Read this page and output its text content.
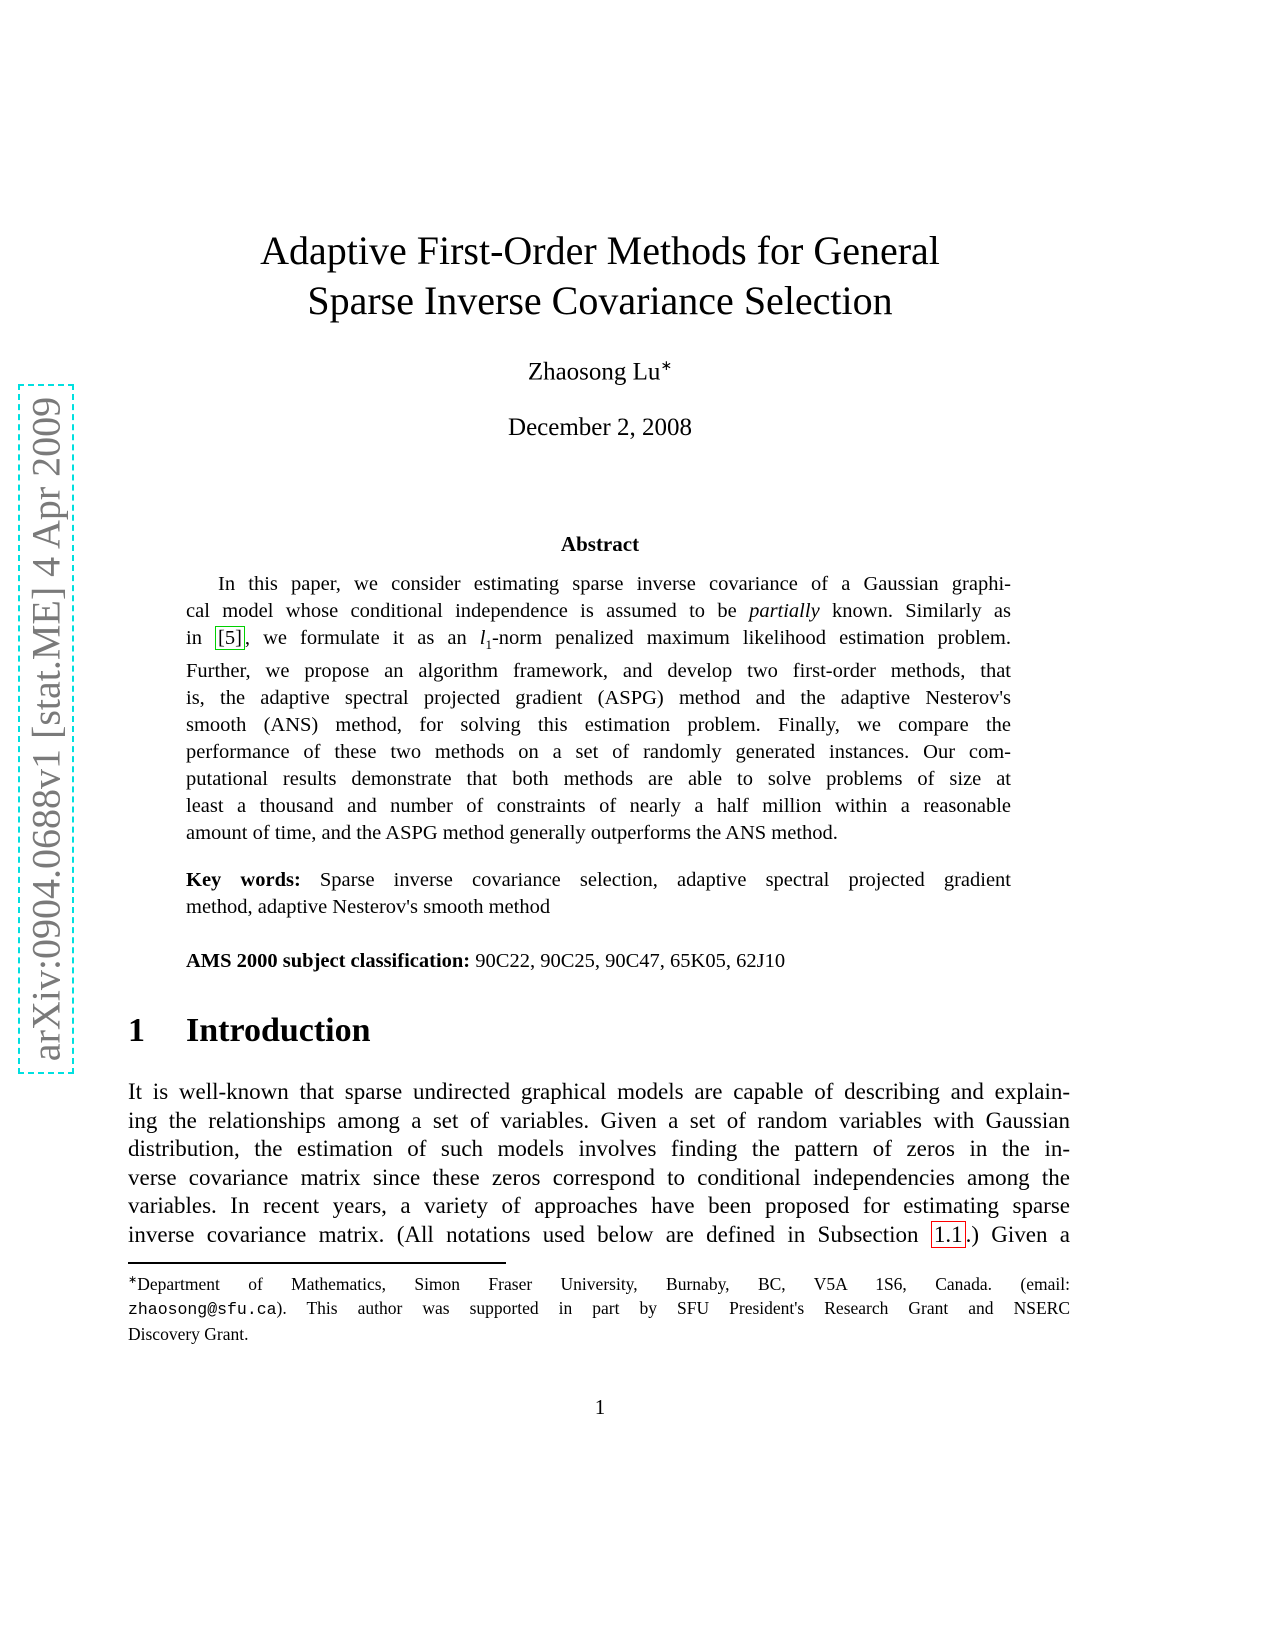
arXiv:0904.0688v1 [stat.ME] 4 Apr 2009
Adaptive First-Order Methods for General
Sparse Inverse Covariance Selection
Zhaosong Lu∗
December 2, 2008
Abstract
In this paper, we consider estimating sparse inverse covariance of a Gaussian graphi-
cal model whose conditional independence is assumed to be partially known. Similarly as
in [5] , we formulate it as an $l_1$-norm penalized maximum likelihood estimation problem.
Further, we propose an algorithm framework, and develop two first-order methods, that
is, the adaptive spectral projected gradient (ASPG) method and the adaptive Nesterov's
smooth (ANS) method, for solving this estimation problem. Finally, we compare the
performance of these two methods on a set of randomly generated instances. Our com-
putational results demonstrate that both methods are able to solve problems of size at
least a thousand and number of constraints of nearly a half million within a reasonable
amount of time, and the ASPG method generally outperforms the ANS method.
Key words: Sparse inverse covariance selection, adaptive spectral projected gradient
method, adaptive Nesterov's smooth method
AMS 2000 subject classification: 90C22, 90C25, 90C47, 65K05, 62J10
1 Introduction
It is well-known that sparse undirected graphical models are capable of describing and explain-
ing the relationships among a set of variables. Given a set of random variables with Gaussian
distribution, the estimation of such models involves finding the pattern of zeros in the in-
verse covariance matrix since these zeros correspond to conditional independencies among the
variables. In recent years, a variety of approaches have been proposed for estimating sparse
inverse covariance matrix. (All notations used below are defined in Subsection 1.1 .) Given a
∗Department of Mathematics, Simon Fraser University, Burnaby, BC, V5A 1S6, Canada. (email:
zhaosong@sfu.ca). This author was supported in part by SFU President's Research Grant and NSERC
Discovery Grant.
1
